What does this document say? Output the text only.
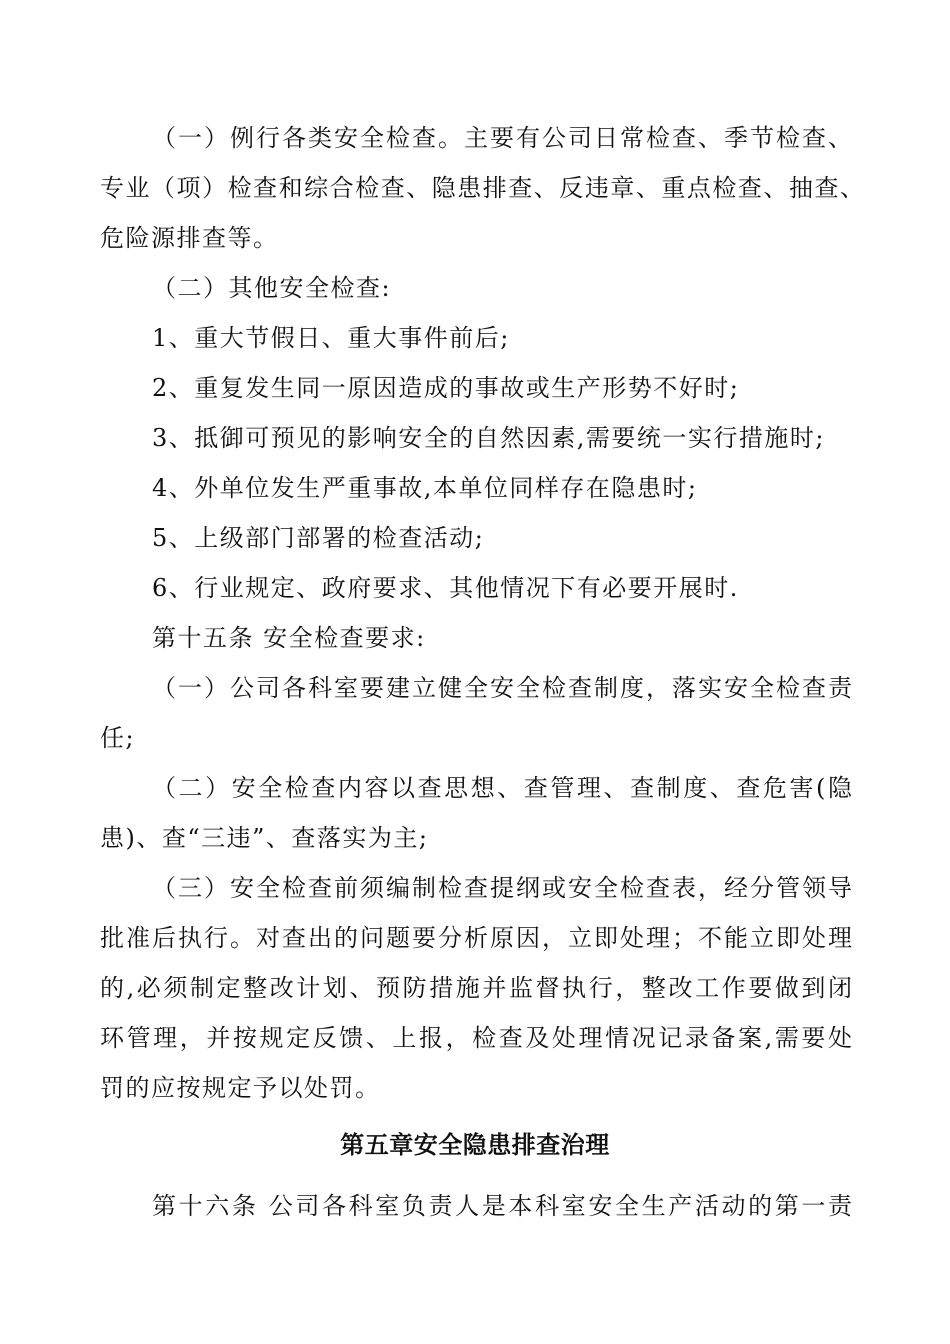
（一）例行各类安全检查。主要有公司日常检查、季节检查、
专业（项）检查和综合检查、隐患排查、反违章、重点检查、抽查、
危险源排查等。
（二）其他安全检查:
1、重大节假日、重大事件前后;
2、重复发生同一原因造成的事故或生产形势不好时;
3、抵御可预见的影响安全的自然因素,需要统一实行措施时;
4、外单位发生严重事故,本单位同样存在隐患时;
5、上级部门部署的检查活动;
6、行业规定、政府要求、其他情况下有必要开展时.
第十五条 安全检查要求:
（一）公司各科室要建立健全安全检查制度，落实安全检查责
任;
（二）安全检查内容以查思想、查管理、查制度、查危害(隐
患)、查“三违”、查落实为主;
（三）安全检查前须编制检查提纲或安全检查表，经分管领导
批准后执行。对查出的问题要分析原因，立即处理；不能立即处理
的,必须制定整改计划、预防措施并监督执行，整改工作要做到闭
环管理，并按规定反馈、上报，检查及处理情况记录备案,需要处
罚的应按规定予以处罚。
第五章安全隐患排查治理
第十六条 公司各科室负责人是本科室安全生产活动的第一责
